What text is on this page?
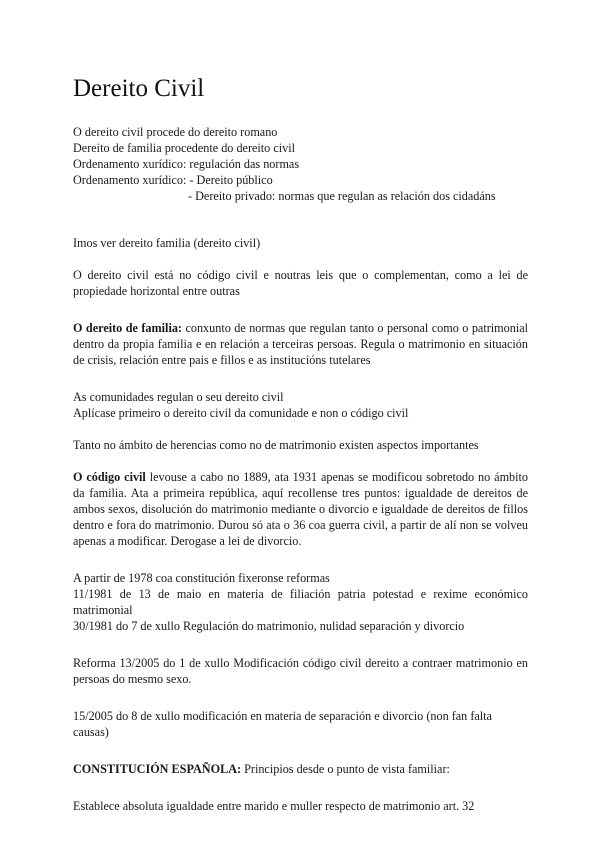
Dereito Civil

O dereito civil procede do dereito romano

Dereito de familia procedente do dereito civil

Ordenamento xurídico: regulación das normas

Ordenamento xurídico: - Dereito público

- Dereito privado: normas que regulan as relación dos cidadáns

Imos ver dereito familia (dereito civil)

O dereito civil está no código civil e noutras leis que o complementan, como a lei de propiedade horizontal entre outras

O dereito de familia: conxunto de normas que regulan tanto o personal como o patrimonial dentro da propia familia e en relación a terceiras persoas. Regula o matrimonio en situación de crisis, relación entre pais e fillos e as institucións tutelares

As comunidades regulan o seu dereito civil

Aplícase primeiro o dereito civil da comunidade e non o código civil

Tanto no ámbito de herencias como no de matrimonio existen aspectos importantes

O código civil levouse a cabo no 1889, ata 1931 apenas se modificou sobretodo no ámbito da familia. Ata a primeira república, aquí recollense tres puntos: igualdade de dereitos de ambos sexos, disolución do matrimonio mediante o divorcio e igualdade de dereitos de fillos dentro e fora do matrimonio. Durou só ata o 36 coa guerra civil, a partir de alí non se volveu apenas a modificar. Derogase a lei de divorcio.

A partir de 1978 coa constitución fixeronse reformas

11/1981 de 13 de maio en materia de filiación patria potestad e rexime económico matrimonial

30/1981 do 7 de xullo Regulación do matrimonio, nulidad separación y divorcio

Reforma 13/2005 do 1 de xullo Modificación código civil dereito a contraer matrimonio en persoas do mesmo sexo.

15/2005 do 8 de xullo modificación en materia de separación e divorcio (non fan falta causas)

CONSTITUCIÓN ESPAÑOLA: Principios desde o punto de vista familiar:

Establece absoluta igualdade entre marido e muller respecto de matrimonio art. 32
